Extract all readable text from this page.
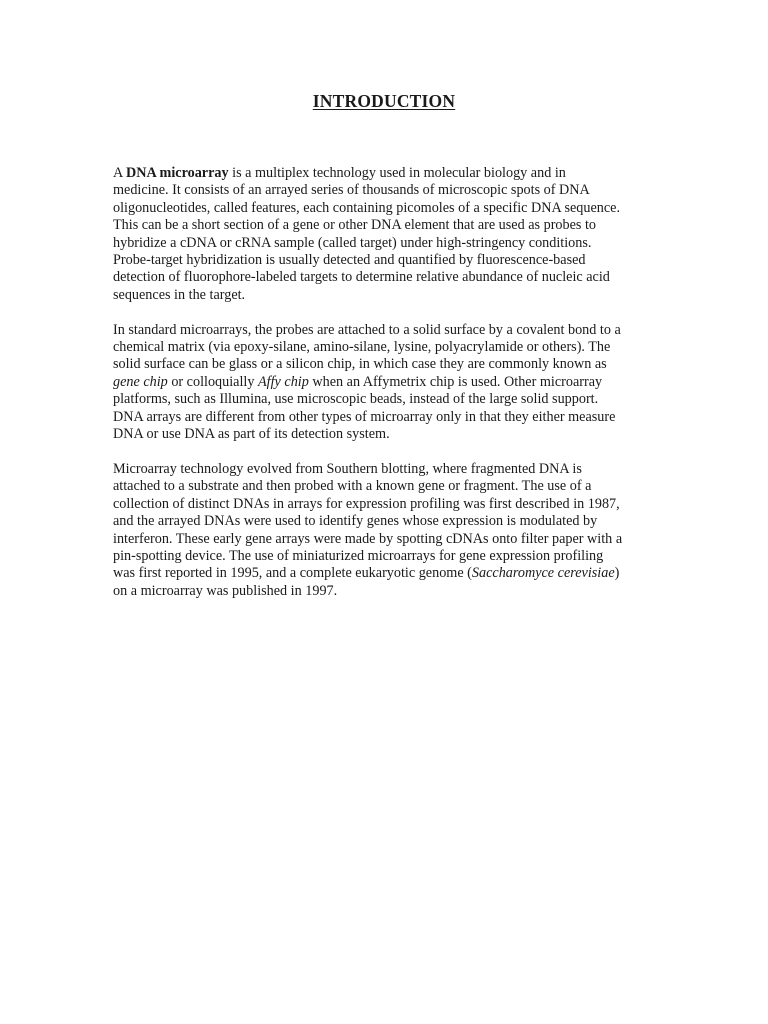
INTRODUCTION
A DNA microarray is a multiplex technology used in molecular biology and in
medicine. It consists of an arrayed series of thousands of microscopic spots of DNA
oligonucleotides, called features, each containing picomoles of a specific DNA sequence.
This can be a short section of a gene or other DNA element that are used as probes to
hybridize a cDNA or cRNA sample (called target) under high-stringency conditions.
Probe-target hybridization is usually detected and quantified by fluorescence-based
detection of fluorophore-labeled targets to determine relative abundance of nucleic acid
sequences in the target.
In standard microarrays, the probes are attached to a solid surface by a covalent bond to a
chemical matrix (via epoxy-silane, amino-silane, lysine, polyacrylamide or others). The
solid surface can be glass or a silicon chip, in which case they are commonly known as
gene chip or colloquially Affy chip when an Affymetrix chip is used. Other microarray
platforms, such as Illumina, use microscopic beads, instead of the large solid support.
DNA arrays are different from other types of microarray only in that they either measure
DNA or use DNA as part of its detection system.
Microarray technology evolved from Southern blotting, where fragmented DNA is
attached to a substrate and then probed with a known gene or fragment. The use of a
collection of distinct DNAs in arrays for expression profiling was first described in 1987,
and the arrayed DNAs were used to identify genes whose expression is modulated by
interferon. These early gene arrays were made by spotting cDNAs onto filter paper with a
pin-spotting device. The use of miniaturized microarrays for gene expression profiling
was first reported in 1995, and a complete eukaryotic genome (Saccharomyce cerevisiae)
on a microarray was published in 1997.
